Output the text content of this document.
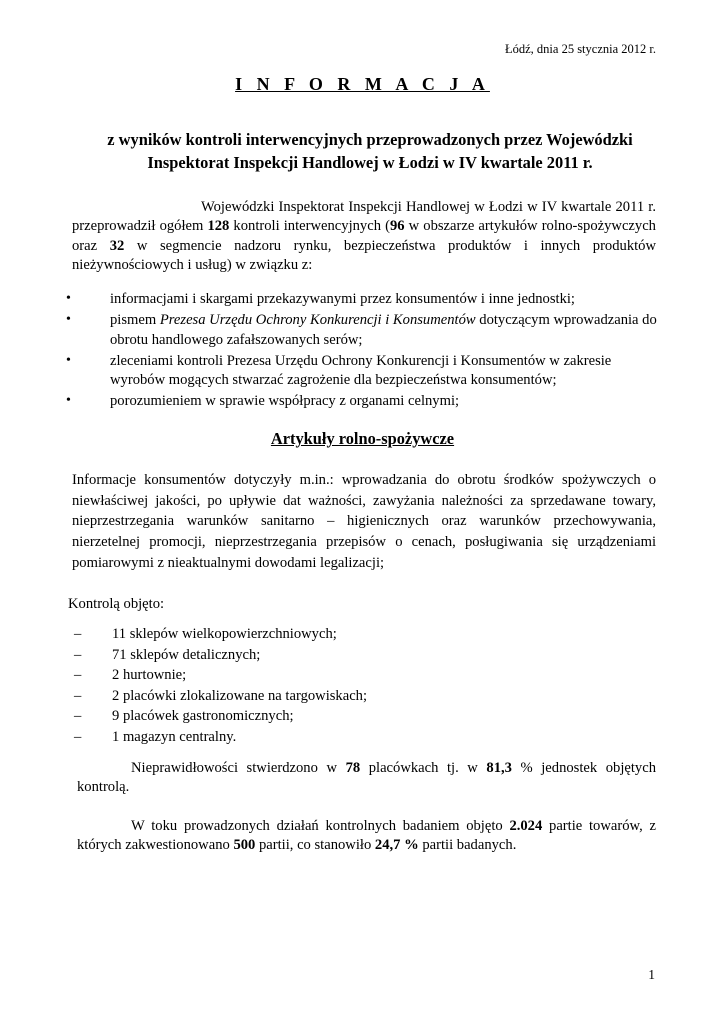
Łódź, dnia 25 stycznia 2012 r.
I N F O R M A C J A
z wyników kontroli interwencyjnych przeprowadzonych przez Wojewódzki Inspektorat Inspekcji Handlowej w Łodzi w IV kwartale 2011 r.
Wojewódzki Inspektorat Inspekcji Handlowej w Łodzi w IV kwartale 2011 r. przeprowadził ogółem 128 kontroli interwencyjnych (96 w obszarze artykułów rolno-spożywczych oraz 32 w segmencie nadzoru rynku, bezpieczeństwa produktów i innych produktów nieżywnościowych i usług) w związku z:
•	informacjami i skargami przekazywanymi przez konsumentów i inne jednostki;
•	pismem Prezesa Urzędu Ochrony Konkurencji i Konsumentów dotyczącym wprowadzania do obrotu handlowego zafałszowanych serów;
•	zleceniami kontroli Prezesa Urzędu Ochrony Konkurencji i Konsumentów w zakresie wyrobów mogących stwarzać zagrożenie dla bezpieczeństwa konsumentów;
•	porozumieniem w sprawie współpracy z organami celnymi;
Artykuły rolno-spożywcze
Informacje konsumentów dotyczyły m.in.: wprowadzania do obrotu środków spożywczych o niewłaściwej jakości, po upływie dat ważności, zawyżania należności za sprzedawane towary, nieprzestrzegania warunków sanitarno – higienicznych oraz warunków przechowywania, nierzetelnej promocji, nieprzestrzegania przepisów o cenach, posługiwania się urządzeniami pomiarowymi z nieaktualnymi dowodami legalizacji;
Kontrolą objęto:
– 11 sklepów wielkopowierzchniowych;
– 71 sklepów detalicznych;
– 2 hurtownie;
– 2 placówki zlokalizowane na targowiskach;
– 9 placówek gastronomicznych;
– 1 magazyn centralny.
Nieprawidłowości stwierdzono w 78 placówkach tj. w 81,3 % jednostek objętych kontrolą.
W toku prowadzonych działań kontrolnych badaniem objęto 2.024 partie towarów, z których zakwestionowano 500 partii, co stanowiło 24,7 % partii badanych.
1
